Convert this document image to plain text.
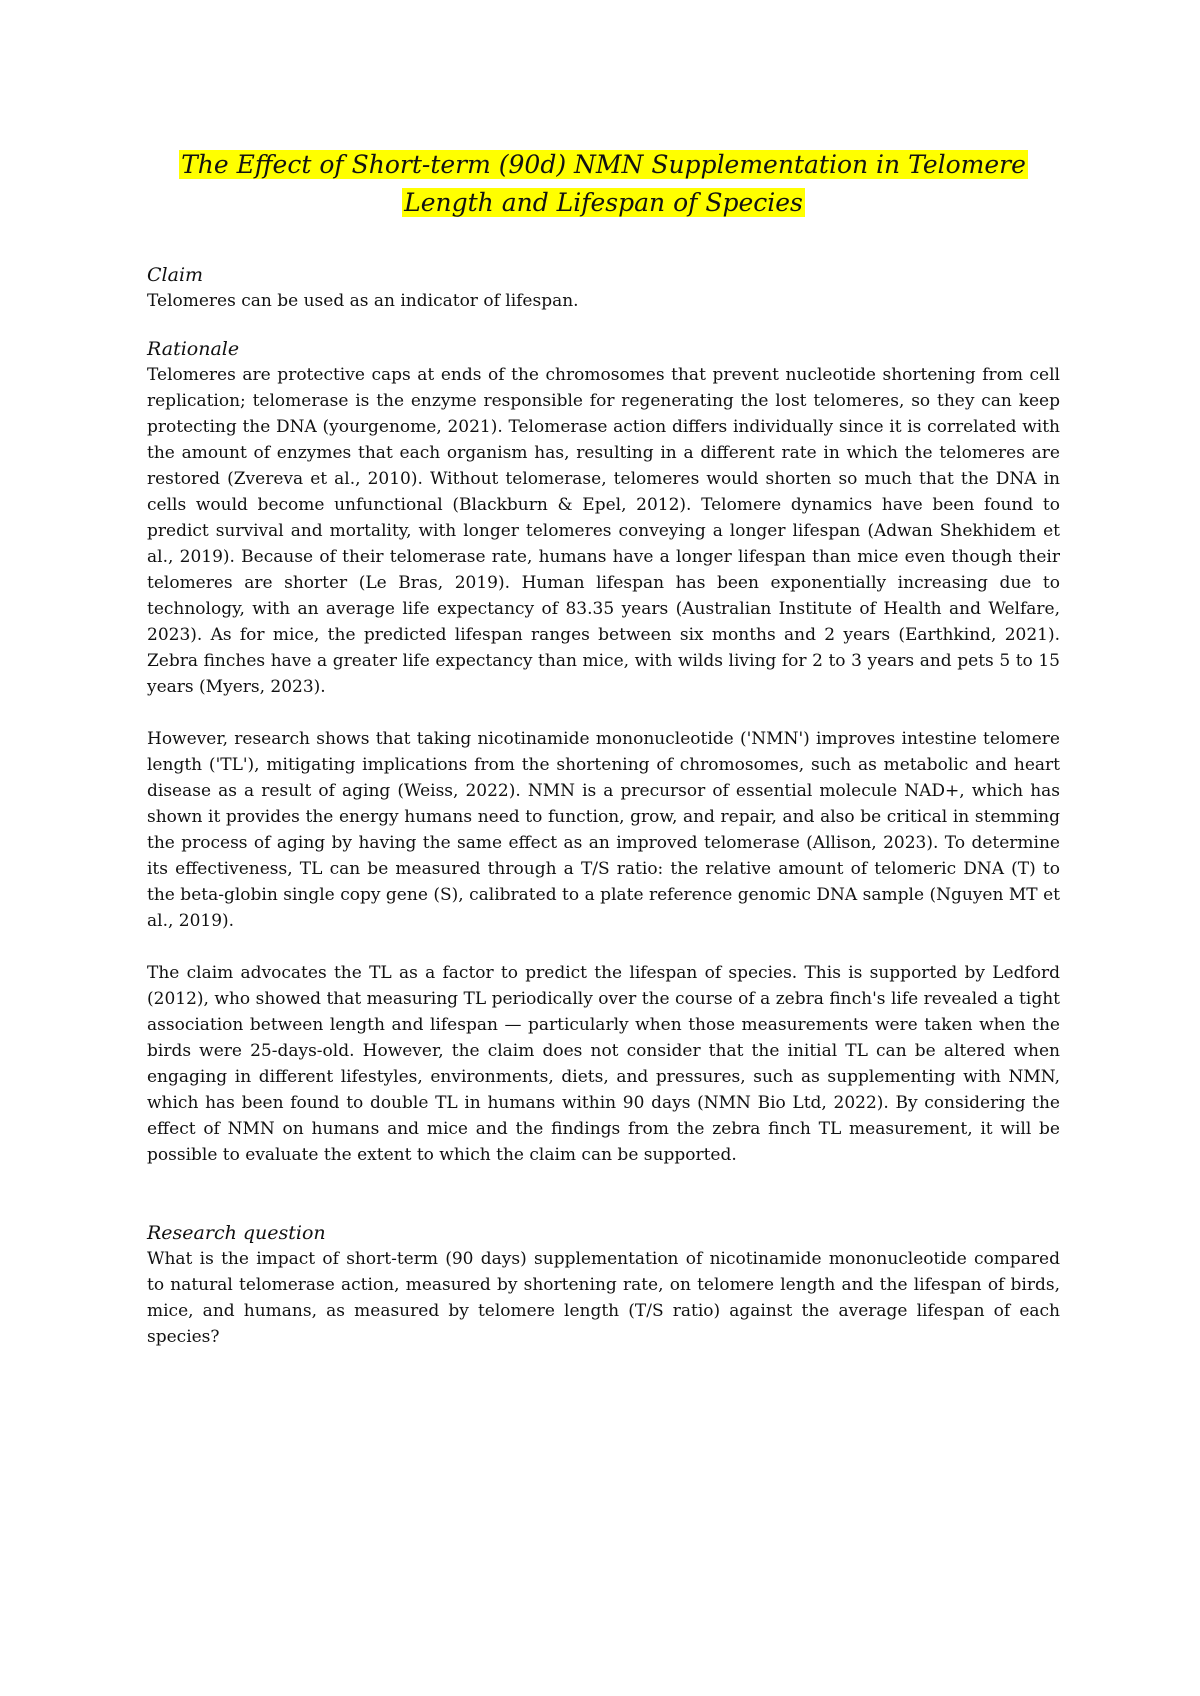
The Effect of Short-term (90d) NMN Supplementation in Telomere
Length and Lifespan of Species

Claim

Telomeres can be used as an indicator of lifespan.

Rationale

Telomeres are protective caps at ends of the chromosomes that prevent nucleotide shortening from cell replication; telomerase is the enzyme responsible for regenerating the lost telomeres, so they can keep protecting the DNA (yourgenome, 2021). Telomerase action differs individually since it is correlated with the amount of enzymes that each organism has, resulting in a different rate in which the telomeres are restored (Zvereva et al., 2010). Without telomerase, telomeres would shorten so much that the DNA in cells would become unfunctional (Blackburn & Epel, 2012). Telomere dynamics have been found to predict survival and mortality, with longer telomeres conveying a longer lifespan (Adwan Shekhidem et al., 2019). Because of their telomerase rate, humans have a longer lifespan than mice even though their telomeres are shorter (Le Bras, 2019). Human lifespan has been exponentially increasing due to technology, with an average life expectancy of 83.35 years (Australian Institute of Health and Welfare, 2023). As for mice, the predicted lifespan ranges between six months and 2 years (Earthkind, 2021). Zebra finches have a greater life expectancy than mice, with wilds living for 2 to 3 years and pets 5 to 15 years (Myers, 2023).

However, research shows that taking nicotinamide mononucleotide ('NMN') improves intestine telomere length ('TL'), mitigating implications from the shortening of chromosomes, such as metabolic and heart disease as a result of aging (Weiss, 2022). NMN is a precursor of essential molecule NAD+, which has shown it provides the energy humans need to function, grow, and repair, and also be critical in stemming the process of aging by having the same effect as an improved telomerase (Allison, 2023). To determine its effectiveness, TL can be measured through a T/S ratio: the relative amount of telomeric DNA (T) to the beta-globin single copy gene (S), calibrated to a plate reference genomic DNA sample (Nguyen MT et al., 2019).

The claim advocates the TL as a factor to predict the lifespan of species. This is supported by Ledford (2012), who showed that measuring TL periodically over the course of a zebra finch's life revealed a tight association between length and lifespan — particularly when those measurements were taken when the birds were 25-days-old. However, the claim does not consider that the initial TL can be altered when engaging in different lifestyles, environments, diets, and pressures, such as supplementing with NMN, which has been found to double TL in humans within 90 days (NMN Bio Ltd, 2022). By considering the effect of NMN on humans and mice and the findings from the zebra finch TL measurement, it will be possible to evaluate the extent to which the claim can be supported.

Research question

What is the impact of short-term (90 days) supplementation of nicotinamide mononucleotide compared to natural telomerase action, measured by shortening rate, on telomere length and the lifespan of birds, mice, and humans, as measured by telomere length (T/S ratio) against the average lifespan of each species?
